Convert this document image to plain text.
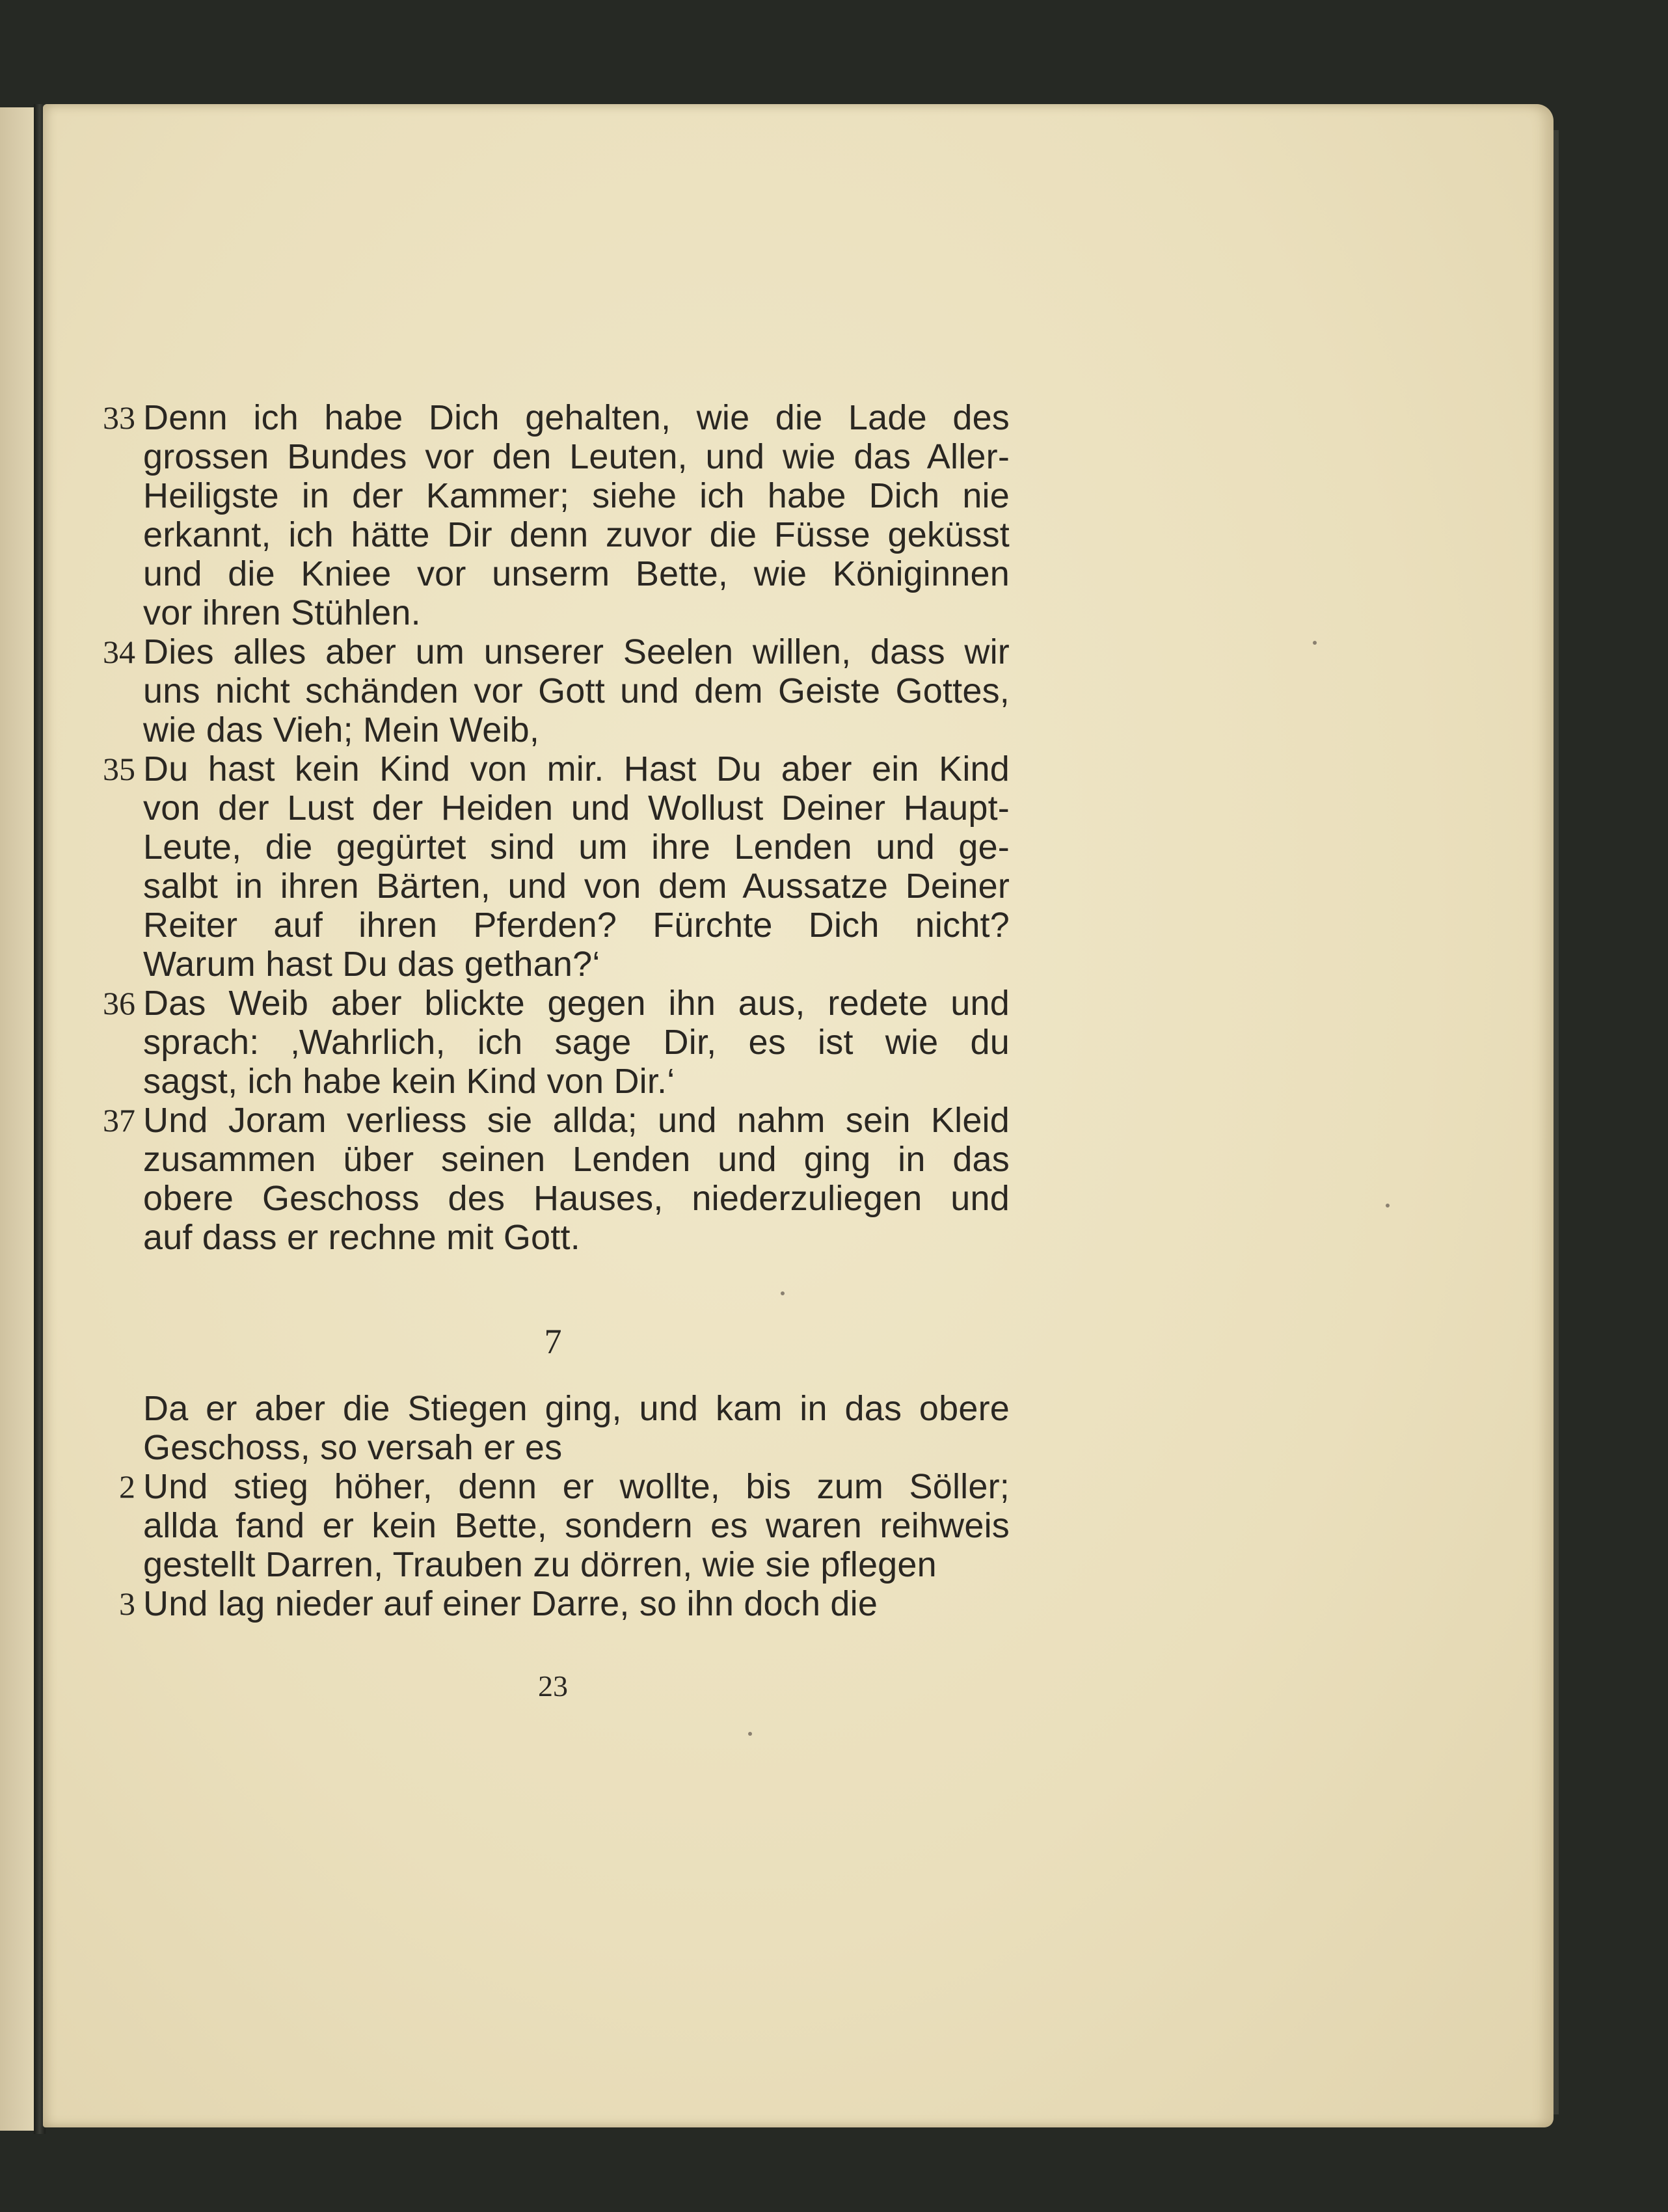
7
23
33 Denn ich habe Dich gehalten, wie die Lade des
grossen Bundes vor den Leuten, und wie das Aller-
Heiligste in der Kammer; siehe ich habe Dich nie
erkannt, ich hätte Dir denn zuvor die Füsse geküsst
und die Kniee vor unserm Bette, wie Königinnen
vor ihren Stühlen.
34 Dies alles aber um unserer Seelen willen, dass wir
uns nicht schänden vor Gott und dem Geiste Gottes,
wie das Vieh; Mein Weib,
35 Du hast kein Kind von mir. Hast Du aber ein Kind
von der Lust der Heiden und Wollust Deiner Haupt-
Leute, die gegürtet sind um ihre Lenden und ge-
salbt in ihren Bärten, und von dem Aussatze Deiner
Reiter auf ihren Pferden? Fürchte Dich nicht?
Warum hast Du das gethan?‘
36 Das Weib aber blickte gegen ihn aus, redete und
sprach: ‚Wahrlich, ich sage Dir, es ist wie du
sagst, ich habe kein Kind von Dir.‘
37 Und Joram verliess sie allda; und nahm sein Kleid
zusammen über seinen Lenden und ging in das
obere Geschoss des Hauses, niederzuliegen und
auf dass er rechne mit Gott.
Da er aber die Stiegen ging, und kam in das obere
Geschoss, so versah er es
2 Und stieg höher, denn er wollte, bis zum Söller;
allda fand er kein Bette, sondern es waren reihweis
gestellt Darren, Trauben zu dörren, wie sie pflegen
3 Und lag nieder auf einer Darre, so ihn doch die
